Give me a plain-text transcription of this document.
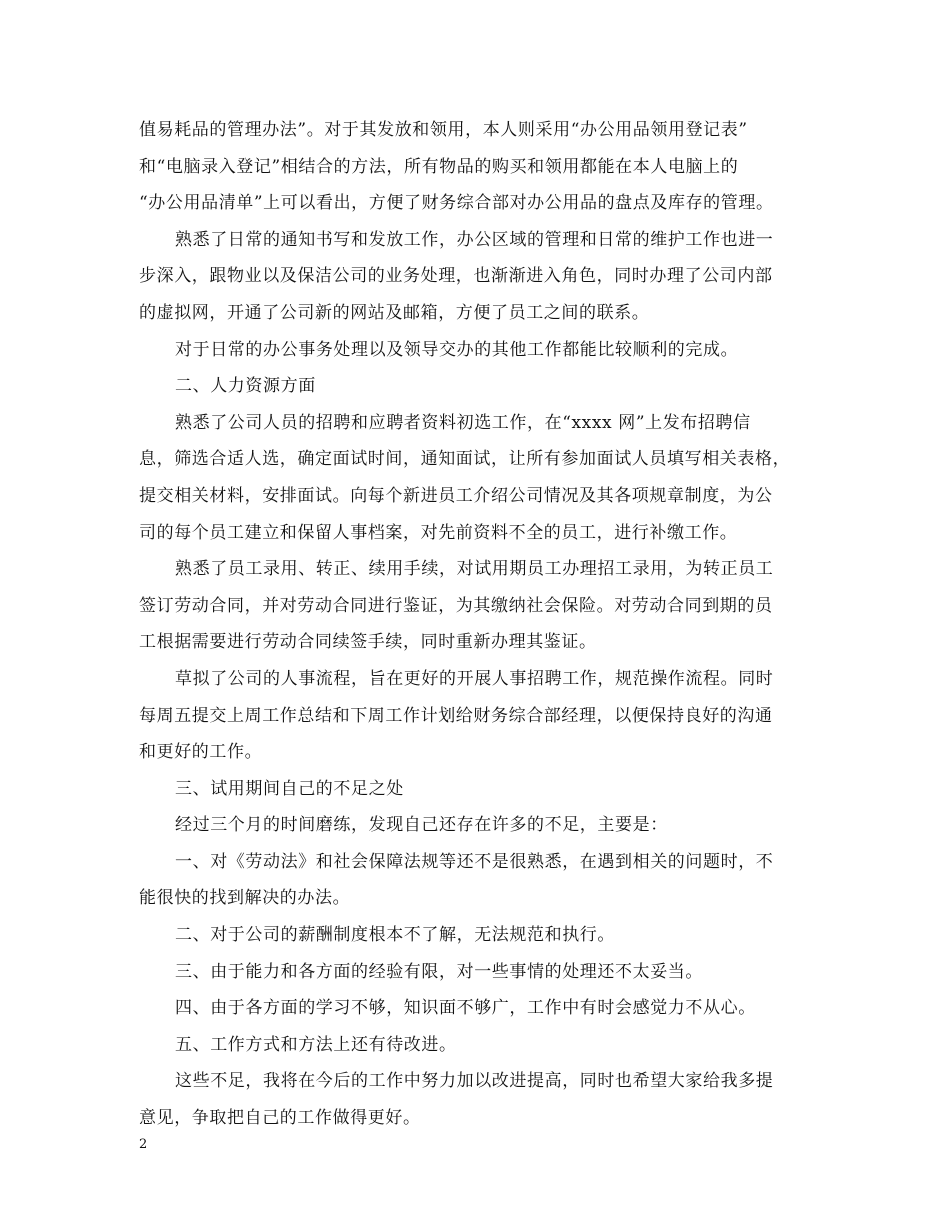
值易耗品的管理办法”。对于其发放和领用，本人则采用“办公用品领用登记表”
和“电脑录入登记”相结合的方法，所有物品的购买和领用都能在本人电脑上的
“办公用品清单”上可以看出，方便了财务综合部对办公用品的盘点及库存的管理。

熟悉了日常的通知书写和发放工作，办公区域的管理和日常的维护工作也进一
步深入，跟物业以及保洁公司的业务处理，也渐渐进入角色，同时办理了公司内部
的虚拟网，开通了公司新的网站及邮箱，方便了员工之间的联系。

对于日常的办公事务处理以及领导交办的其他工作都能比较顺利的完成。

二、人力资源方面

熟悉了公司人员的招聘和应聘者资料初选工作，在“xxxx 网”上发布招聘信
息，筛选合适人选，确定面试时间，通知面试，让所有参加面试人员填写相关表格，
提交相关材料，安排面试。向每个新进员工介绍公司情况及其各项规章制度，为公
司的每个员工建立和保留人事档案，对先前资料不全的员工，进行补缴工作。

熟悉了员工录用、转正、续用手续，对试用期员工办理招工录用，为转正员工
签订劳动合同，并对劳动合同进行鉴证，为其缴纳社会保险。对劳动合同到期的员
工根据需要进行劳动合同续签手续，同时重新办理其鉴证。

草拟了公司的人事流程，旨在更好的开展人事招聘工作，规范操作流程。同时
每周五提交上周工作总结和下周工作计划给财务综合部经理，以便保持良好的沟通
和更好的工作。

三、试用期间自己的不足之处

经过三个月的时间磨练，发现自己还存在许多的不足，主要是：

一、对《劳动法》和社会保障法规等还不是很熟悉，在遇到相关的问题时，不
能很快的找到解决的办法。

二、对于公司的薪酬制度根本不了解，无法规范和执行。

三、由于能力和各方面的经验有限，对一些事情的处理还不太妥当。

四、由于各方面的学习不够，知识面不够广，工作中有时会感觉力不从心。

五、工作方式和方法上还有待改进。

这些不足，我将在今后的工作中努力加以改进提高，同时也希望大家给我多提
意见，争取把自己的工作做得更好。

2
